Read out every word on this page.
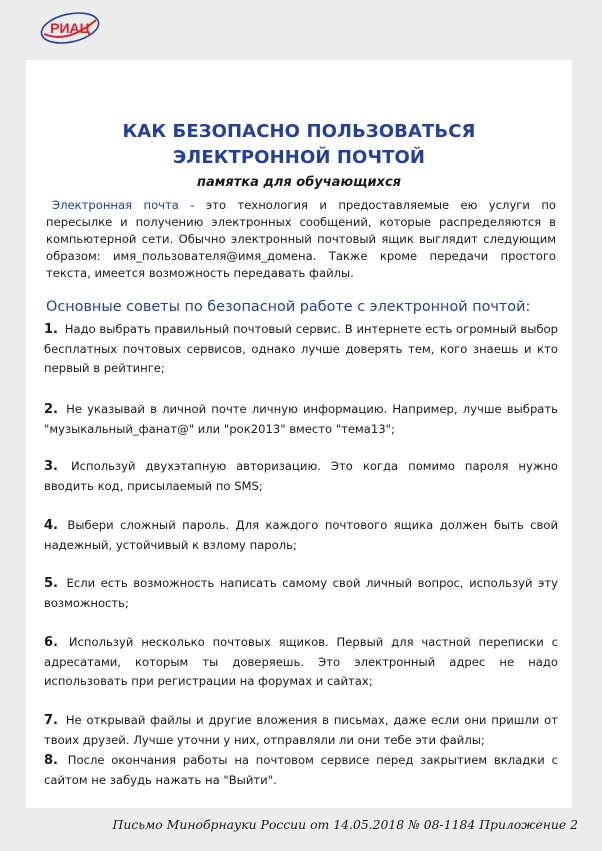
РИАЦ
КАК БЕЗОПАСНО ПОЛЬЗОВАТЬСЯ
ЭЛЕКТРОННОЙ ПОЧТОЙ
памятка для обучающихся

Электронная почта - это технология и предоставляемые ею услуги по пересылке и получению электронных сообщений, которые распределяются в компьютерной сети. Обычно электронный почтовый ящик выглядит следующим образом: имя_пользователя@имя_домена. Также кроме передачи простого текста, имеется возможность передавать файлы.

Основные советы по безопасной работе с электронной почтой:
1. Надо выбрать правильный почтовый сервис. В интернете есть огромный выбор бесплатных почтовых сервисов, однако лучше доверять тем, кого знаешь и кто первый в рейтинге;
2. Не указывай в личной почте личную информацию. Например, лучше выбрать "музыкальный_фанат@" или "рок2013" вместо "тема13";
3. Используй двухэтапную авторизацию. Это когда помимо пароля нужно вводить код, присылаемый по SMS;
4. Выбери сложный пароль. Для каждого почтового ящика должен быть свой надежный, устойчивый к взлому пароль;
5. Если есть возможность написать самому свой личный вопрос, используй эту возможность;
6. Используй несколько почтовых ящиков. Первый для частной переписки с адресатами, которым ты доверяешь. Это электронный адрес не надо использовать при регистрации на форумах и сайтах;
7. Не открывай файлы и другие вложения в письмах, даже если они пришли от твоих друзей. Лучше уточни у них, отправляли ли они тебе эти файлы;
8. После окончания работы на почтовом сервисе перед закрытием вкладки с сайтом не забудь нажать на "Выйти".
Письмо Минобрнауки России от 14.05.2018 № 08-1184 Приложение 2
